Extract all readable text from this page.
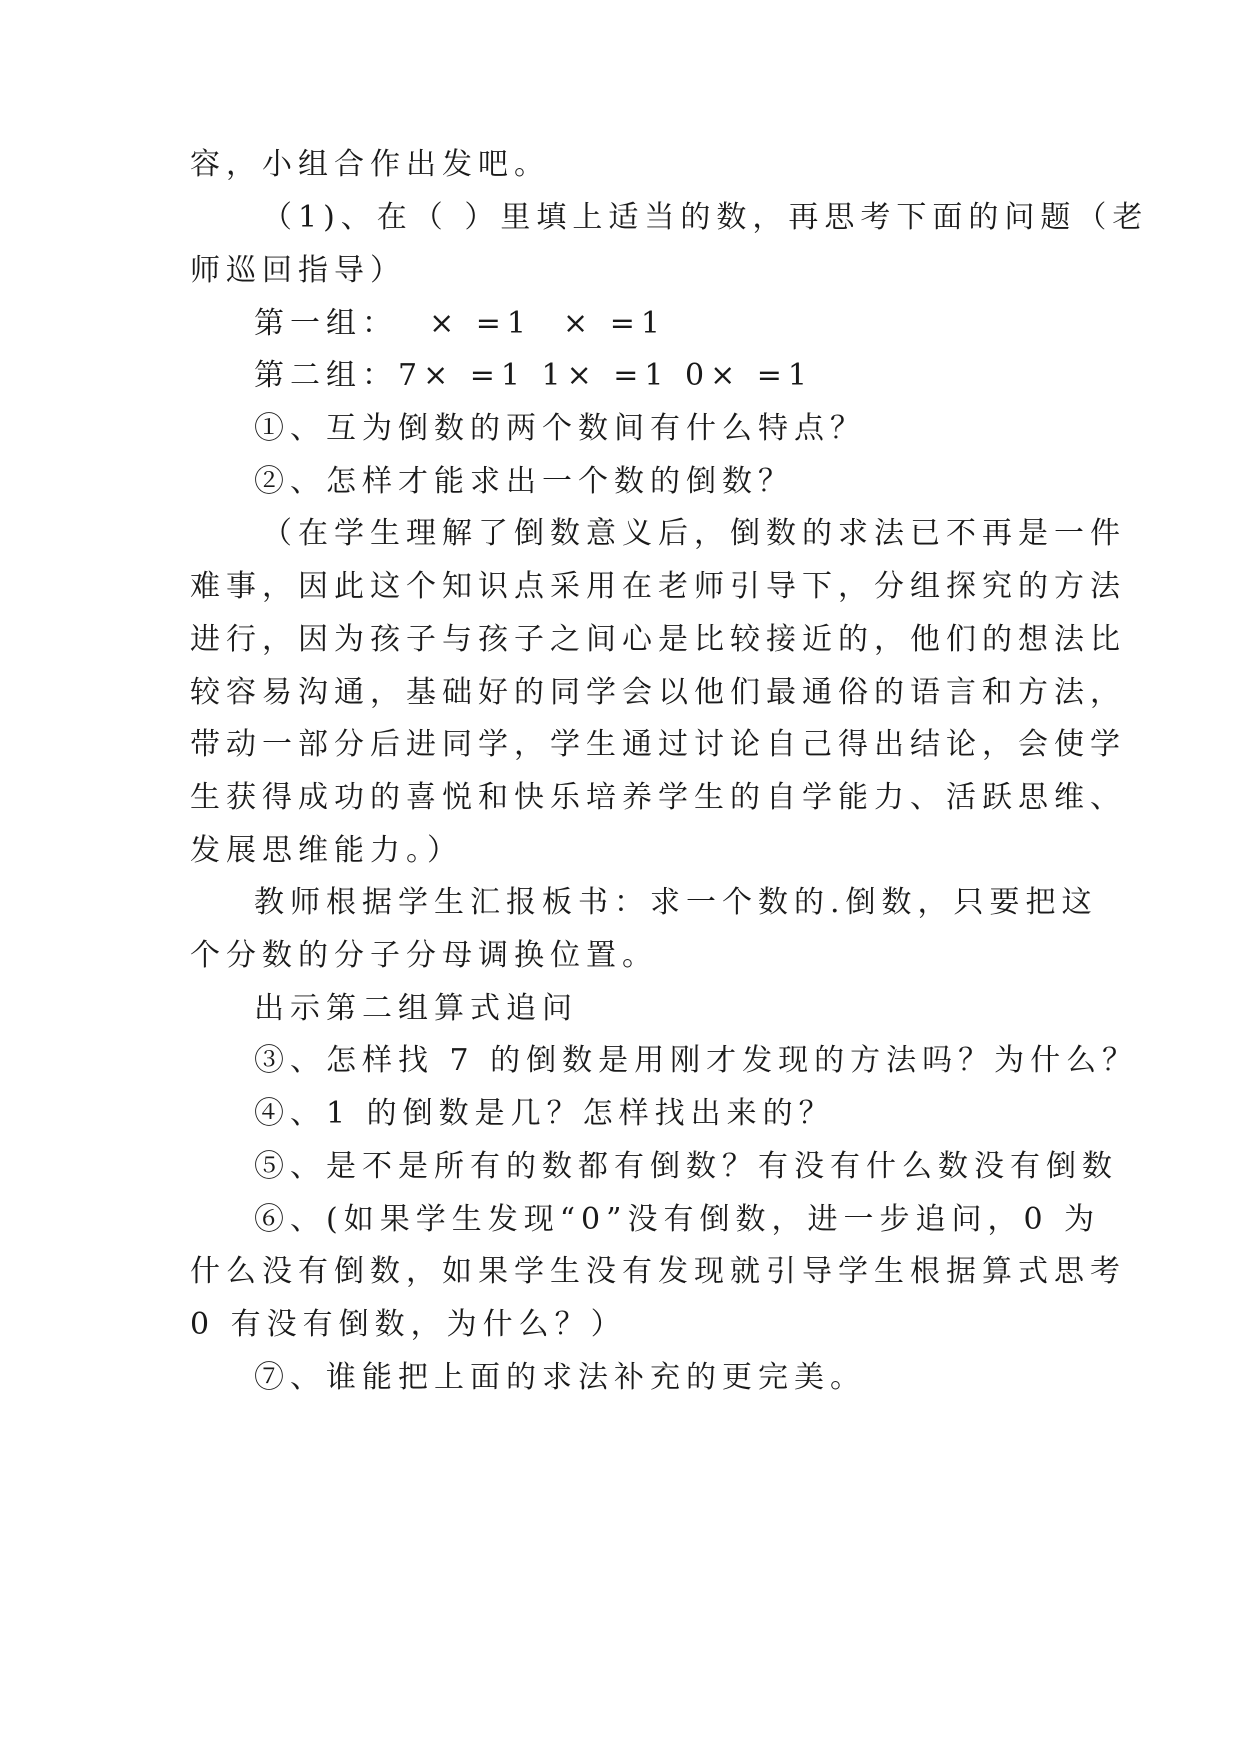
容，小组合作出发吧。
（1)、在（ ）里填上适当的数，再思考下面的问题（老
师巡回指导）
第一组：  × =1  × =1
第二组：7× =1 1× =1 0× =1
①、互为倒数的两个数间有什么特点？
②、怎样才能求出一个数的倒数？
（在学生理解了倒数意义后，倒数的求法已不再是一件
难事，因此这个知识点采用在老师引导下，分组探究的方法
进行，因为孩子与孩子之间心是比较接近的，他们的想法比
较容易沟通，基础好的同学会以他们最通俗的语言和方法，
带动一部分后进同学，学生通过讨论自己得出结论，会使学
生获得成功的喜悦和快乐培养学生的自学能力、活跃思维、
发展思维能力。）
教师根据学生汇报板书：求一个数的.倒数，只要把这
个分数的分子分母调换位置。
出示第二组算式追问
③、怎样找 7 的倒数是用刚才发现的方法吗？为什么？
④、1 的倒数是几？怎样找出来的？
⑤、是不是所有的数都有倒数？有没有什么数没有倒数
⑥、(如果学生发现“0”没有倒数，进一步追问，0 为
什么没有倒数，如果学生没有发现就引导学生根据算式思考
0 有没有倒数，为什么？）
⑦、谁能把上面的求法补充的更完美。
